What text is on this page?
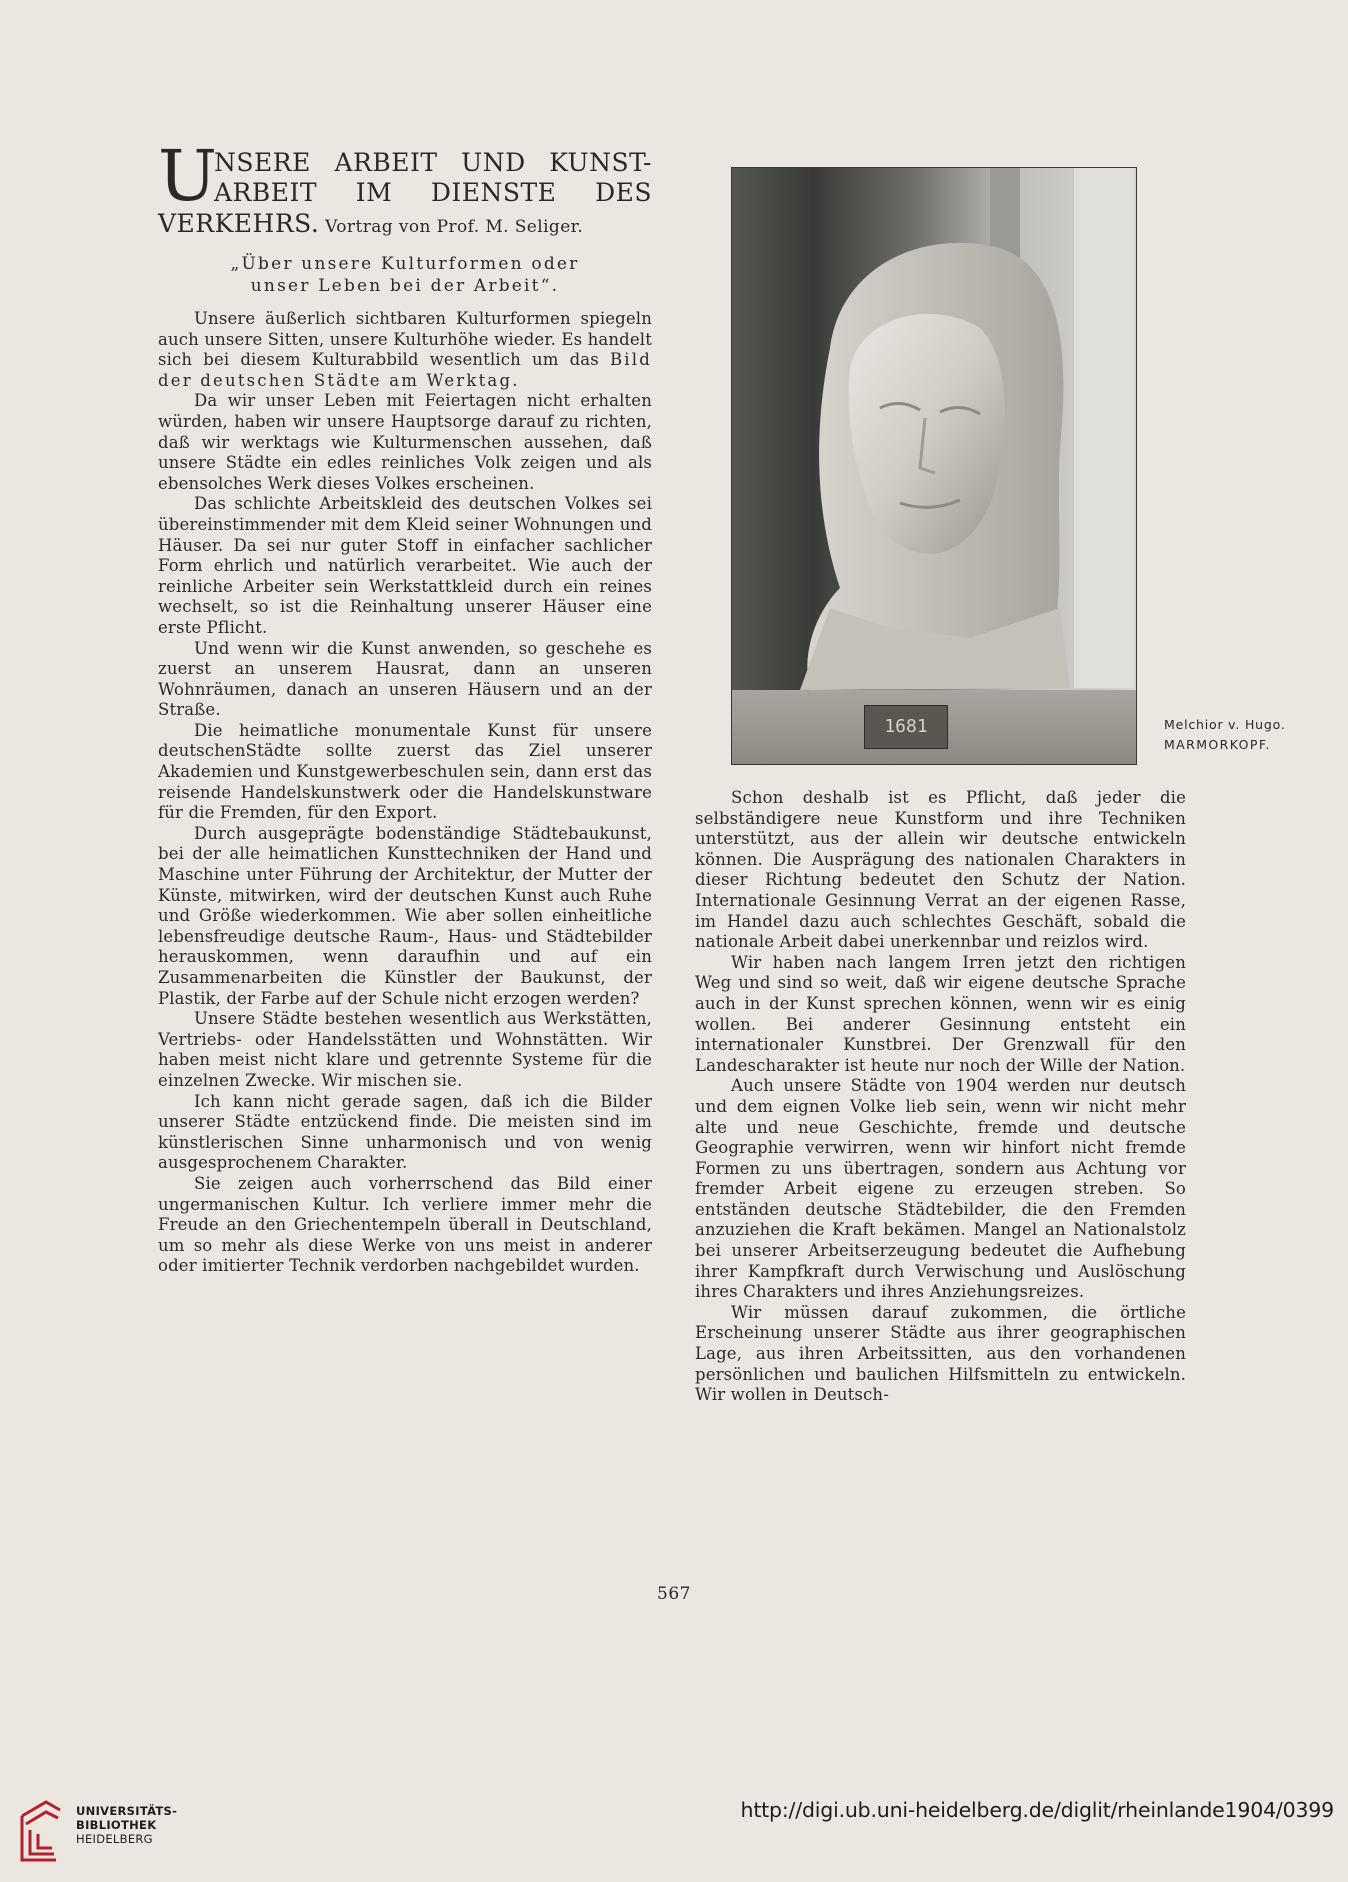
U
NSERE ARBEIT UND KUNST-
ARBEIT IM DIENSTE DES
VERKEHRS. Vortrag von Prof. M. Seliger.
„Über unsere Kulturformen oder unser Leben bei der Arbeit“.

Unsere äußerlich sichtbaren Kulturformen spiegeln auch unsere Sitten, unsere Kulturhöhe wieder. Es handelt sich bei diesem Kulturabbild wesentlich um das Bild der deutschen Städte am Werktag.

Da wir unser Leben mit Feiertagen nicht erhalten würden, haben wir unsere Hauptsorge darauf zu richten, daß wir werktags wie Kulturmenschen aussehen, daß unsere Städte ein edles reinliches Volk zeigen und als ebensolches Werk dieses Volkes erscheinen.

Das schlichte Arbeitskleid des deutschen Volkes sei übereinstimmender mit dem Kleid seiner Wohnungen und Häuser. Da sei nur guter Stoff in einfacher sachlicher Form ehrlich und natürlich verarbeitet. Wie auch der reinliche Arbeiter sein Werkstattkleid durch ein reines wechselt, so ist die Reinhaltung unserer Häuser eine erste Pflicht.

Und wenn wir die Kunst anwenden, so geschehe es zuerst an unserem Hausrat, dann an unseren Wohnräumen, danach an unseren Häusern und an der Straße.

Die heimatliche monumentale Kunst für unsere deutschenStädte sollte zuerst das Ziel unserer Akademien und Kunstgewerbeschulen sein, dann erst das reisende Handelskunstwerk oder die Handelskunstware für die Fremden, für den Export.

Durch ausgeprägte bodenständige Städtebaukunst, bei der alle heimatlichen Kunsttechniken der Hand und Maschine unter Führung der Architektur, der Mutter der Künste, mitwirken, wird der deutschen Kunst auch Ruhe und Größe wiederkommen. Wie aber sollen einheitliche lebensfreudige deutsche Raum-, Haus- und Städtebilder herauskommen, wenn daraufhin und auf ein Zusammenarbeiten die Künstler der Baukunst, der Plastik, der Farbe auf der Schule nicht erzogen werden?

Unsere Städte bestehen wesentlich aus Werkstätten, Vertriebs- oder Handelsstätten und Wohnstätten. Wir haben meist nicht klare und getrennte Systeme für die einzelnen Zwecke. Wir mischen sie.

Ich kann nicht gerade sagen, daß ich die Bilder unserer Städte entzückend finde. Die meisten sind im künstlerischen Sinne unharmonisch und von wenig ausgesprochenem Charakter.

Sie zeigen auch vorherrschend das Bild einer ungermanischen Kultur. Ich verliere immer mehr die Freude an den Griechentempeln überall in Deutschland, um so mehr als diese Werke von uns meist in anderer oder imitierter Technik verdorben nachgebildet wurden.

1681	Melchior v. Hugo.
MARMORKOPF.

Schon deshalb ist es Pflicht, daß jeder die selbständigere neue Kunstform und ihre Techniken unterstützt, aus der allein wir deutsche entwickeln können. Die Ausprägung des nationalen Charakters in dieser Richtung bedeutet den Schutz der Nation. Internationale Gesinnung Verrat an der eigenen Rasse, im Handel dazu auch schlechtes Geschäft, sobald die nationale Arbeit dabei unerkennbar und reizlos wird.

Wir haben nach langem Irren jetzt den richtigen Weg und sind so weit, daß wir eigene deutsche Sprache auch in der Kunst sprechen können, wenn wir es einig wollen. Bei anderer Gesinnung entsteht ein internationaler Kunstbrei. Der Grenzwall für den Landescharakter ist heute nur noch der Wille der Nation.

Auch unsere Städte von 1904 werden nur deutsch und dem eignen Volke lieb sein, wenn wir nicht mehr alte und neue Geschichte, fremde und deutsche Geographie verwirren, wenn wir hinfort nicht fremde Formen zu uns übertragen, sondern aus Achtung vor fremder Arbeit eigene zu erzeugen streben. So entständen deutsche Städtebilder, die den Fremden anzuziehen die Kraft bekämen. Mangel an Nationalstolz bei unserer Arbeitserzeugung bedeutet die Aufhebung ihrer Kampfkraft durch Verwischung und Auslöschung ihres Charakters und ihres Anziehungsreizes.

Wir müssen darauf zukommen, die örtliche Erscheinung unserer Städte aus ihrer geographischen Lage, aus ihren Arbeitssitten, aus den vorhandenen persönlichen und baulichen Hilfsmitteln zu entwickeln. Wir wollen in Deutsch-

567
UNIVERSITÄTS-
BIBLIOTHEK
HEIDELBERG
http://digi.ub.uni-heidelberg.de/diglit/rheinlande1904/0399
